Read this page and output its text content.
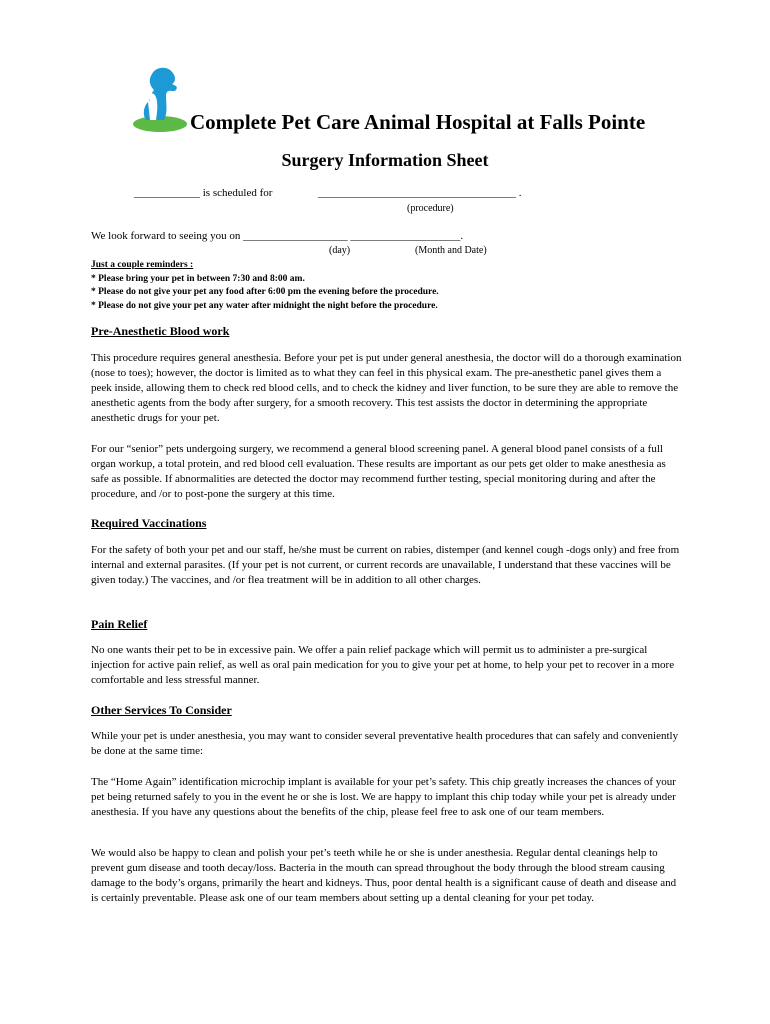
Complete Pet Care Animal Hospital at Falls Pointe
Surgery Information Sheet
____________ is scheduled for	____________________________________ .
(procedure)
We look forward to seeing you on ___________________ ____________________.
(day)	(Month and Date)
Just a couple reminders :
* Please bring your pet in between 7:30 and 8:00 am.
* Please do not give your pet any food after 6:00 pm the evening before the procedure.
* Please do not give your pet any water after midnight the night before the procedure.
Pre-Anesthetic Blood work

This procedure requires general anesthesia. Before your pet is put under general anesthesia, the doctor will do a thorough examination (nose to toes); however, the doctor is limited as to what they can feel in this physical exam. The pre-anesthetic panel gives them a peek inside, allowing them to check red blood cells, and to check the kidney and liver function, to be sure they are able to remove the anesthetic agents from the body after surgery, for a smooth recovery. This test assists the doctor in determining the appropriate anesthetic drugs for your pet.

For our “senior” pets undergoing surgery, we recommend a general blood screening panel. A general blood panel consists of a full organ workup, a total protein, and red blood cell evaluation. These results are important as our pets get older to make anesthesia as safe as possible. If abnormalities are detected the doctor may recommend further testing, special monitoring during and after the procedure, and /or to post-pone the surgery at this time.

Required Vaccinations

For the safety of both your pet and our staff, he/she must be current on rabies, distemper (and kennel cough -dogs only) and free from internal and external parasites. (If your pet is not current, or current records are unavailable, I understand that these vaccines will be given today.) The vaccines, and /or flea treatment will be in addition to all other charges.

Pain Relief

No one wants their pet to be in excessive pain. We offer a pain relief package which will permit us to administer a pre-surgical injection for active pain relief, as well as oral pain medication for you to give your pet at home, to help your pet to recover in a more comfortable and less stressful manner.

Other Services To Consider

While your pet is under anesthesia, you may want to consider several preventative health procedures that can safely and conveniently be done at the same time:

The “Home Again” identification microchip implant is available for your pet’s safety. This chip greatly increases the chances of your pet being returned safely to you in the event he or she is lost. We are happy to implant this chip today while your pet is already under anesthesia. If you have any questions about the benefits of the chip, please feel free to ask one of our team members.

We would also be happy to clean and polish your pet’s teeth while he or she is under anesthesia. Regular dental cleanings help to prevent gum disease and tooth decay/loss. Bacteria in the mouth can spread throughout the body through the blood stream causing damage to the body’s organs, primarily the heart and kidneys. Thus, poor dental health is a significant cause of death and disease and is certainly preventable. Please ask one of our team members about setting up a dental cleaning for your pet today.
